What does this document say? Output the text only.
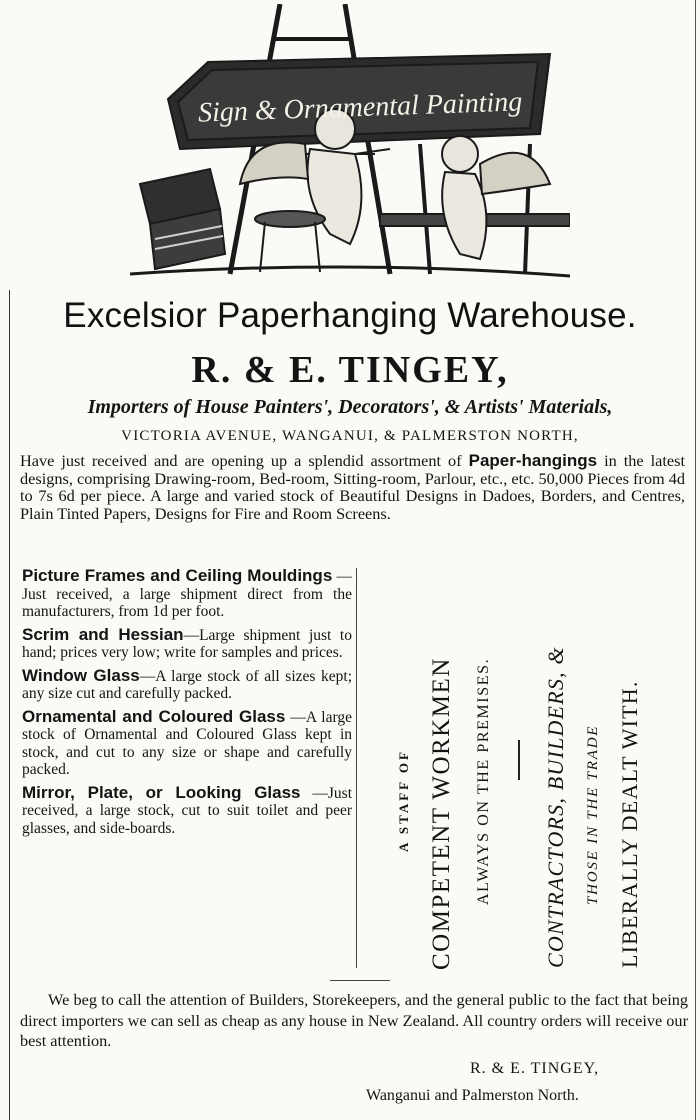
Sign & Ornamental Painting
Excelsior Paperhanging Warehouse.
R. & E. TINGEY,
Importers of House Painters', Decorators', & Artists' Materials,
VICTORIA AVENUE, WANGANUI, & PALMERSTON NORTH,
Have just received and are opening up a splendid assortment of Paper-hangings in the latest designs, comprising Drawing-room, Bed-room, Sitting-room, Parlour, etc., etc. 50,000 Pieces from 4d to 7s 6d per piece. A large and varied stock of Beautiful Designs in Dadoes, Borders, and Centres, Plain Tinted Papers, Designs for Fire and Room Screens.
Picture Frames and Ceiling Mouldings — Just received, a large shipment direct from the manufacturers, from 1d per foot.
Scrim and Hessian—Large shipment just to hand; prices very low; write for samples and prices.
Window Glass—A large stock of all sizes kept; any size cut and carefully packed.
Ornamental and Coloured Glass —A large stock of Ornamental and Coloured Glass kept in stock, and cut to any size or shape and carefully packed.
Mirror, Plate, or Looking Glass —Just received, a large stock, cut to suit toilet and peer glasses, and side-boards.	A STAFF OF COMPETENT WORKMEN ALWAYS ON THE PREMISES. CONTRACTORS, BUILDERS, & THOSE IN THE TRADE LIBERALLY DEALT WITH.
We beg to call the attention of Builders, Storekeepers, and the general public to the fact that being direct importers we can sell as cheap as any house in New Zealand. All country orders will receive our best attention.
R. & E. TINGEY,
Wanganui and Palmerston North.
